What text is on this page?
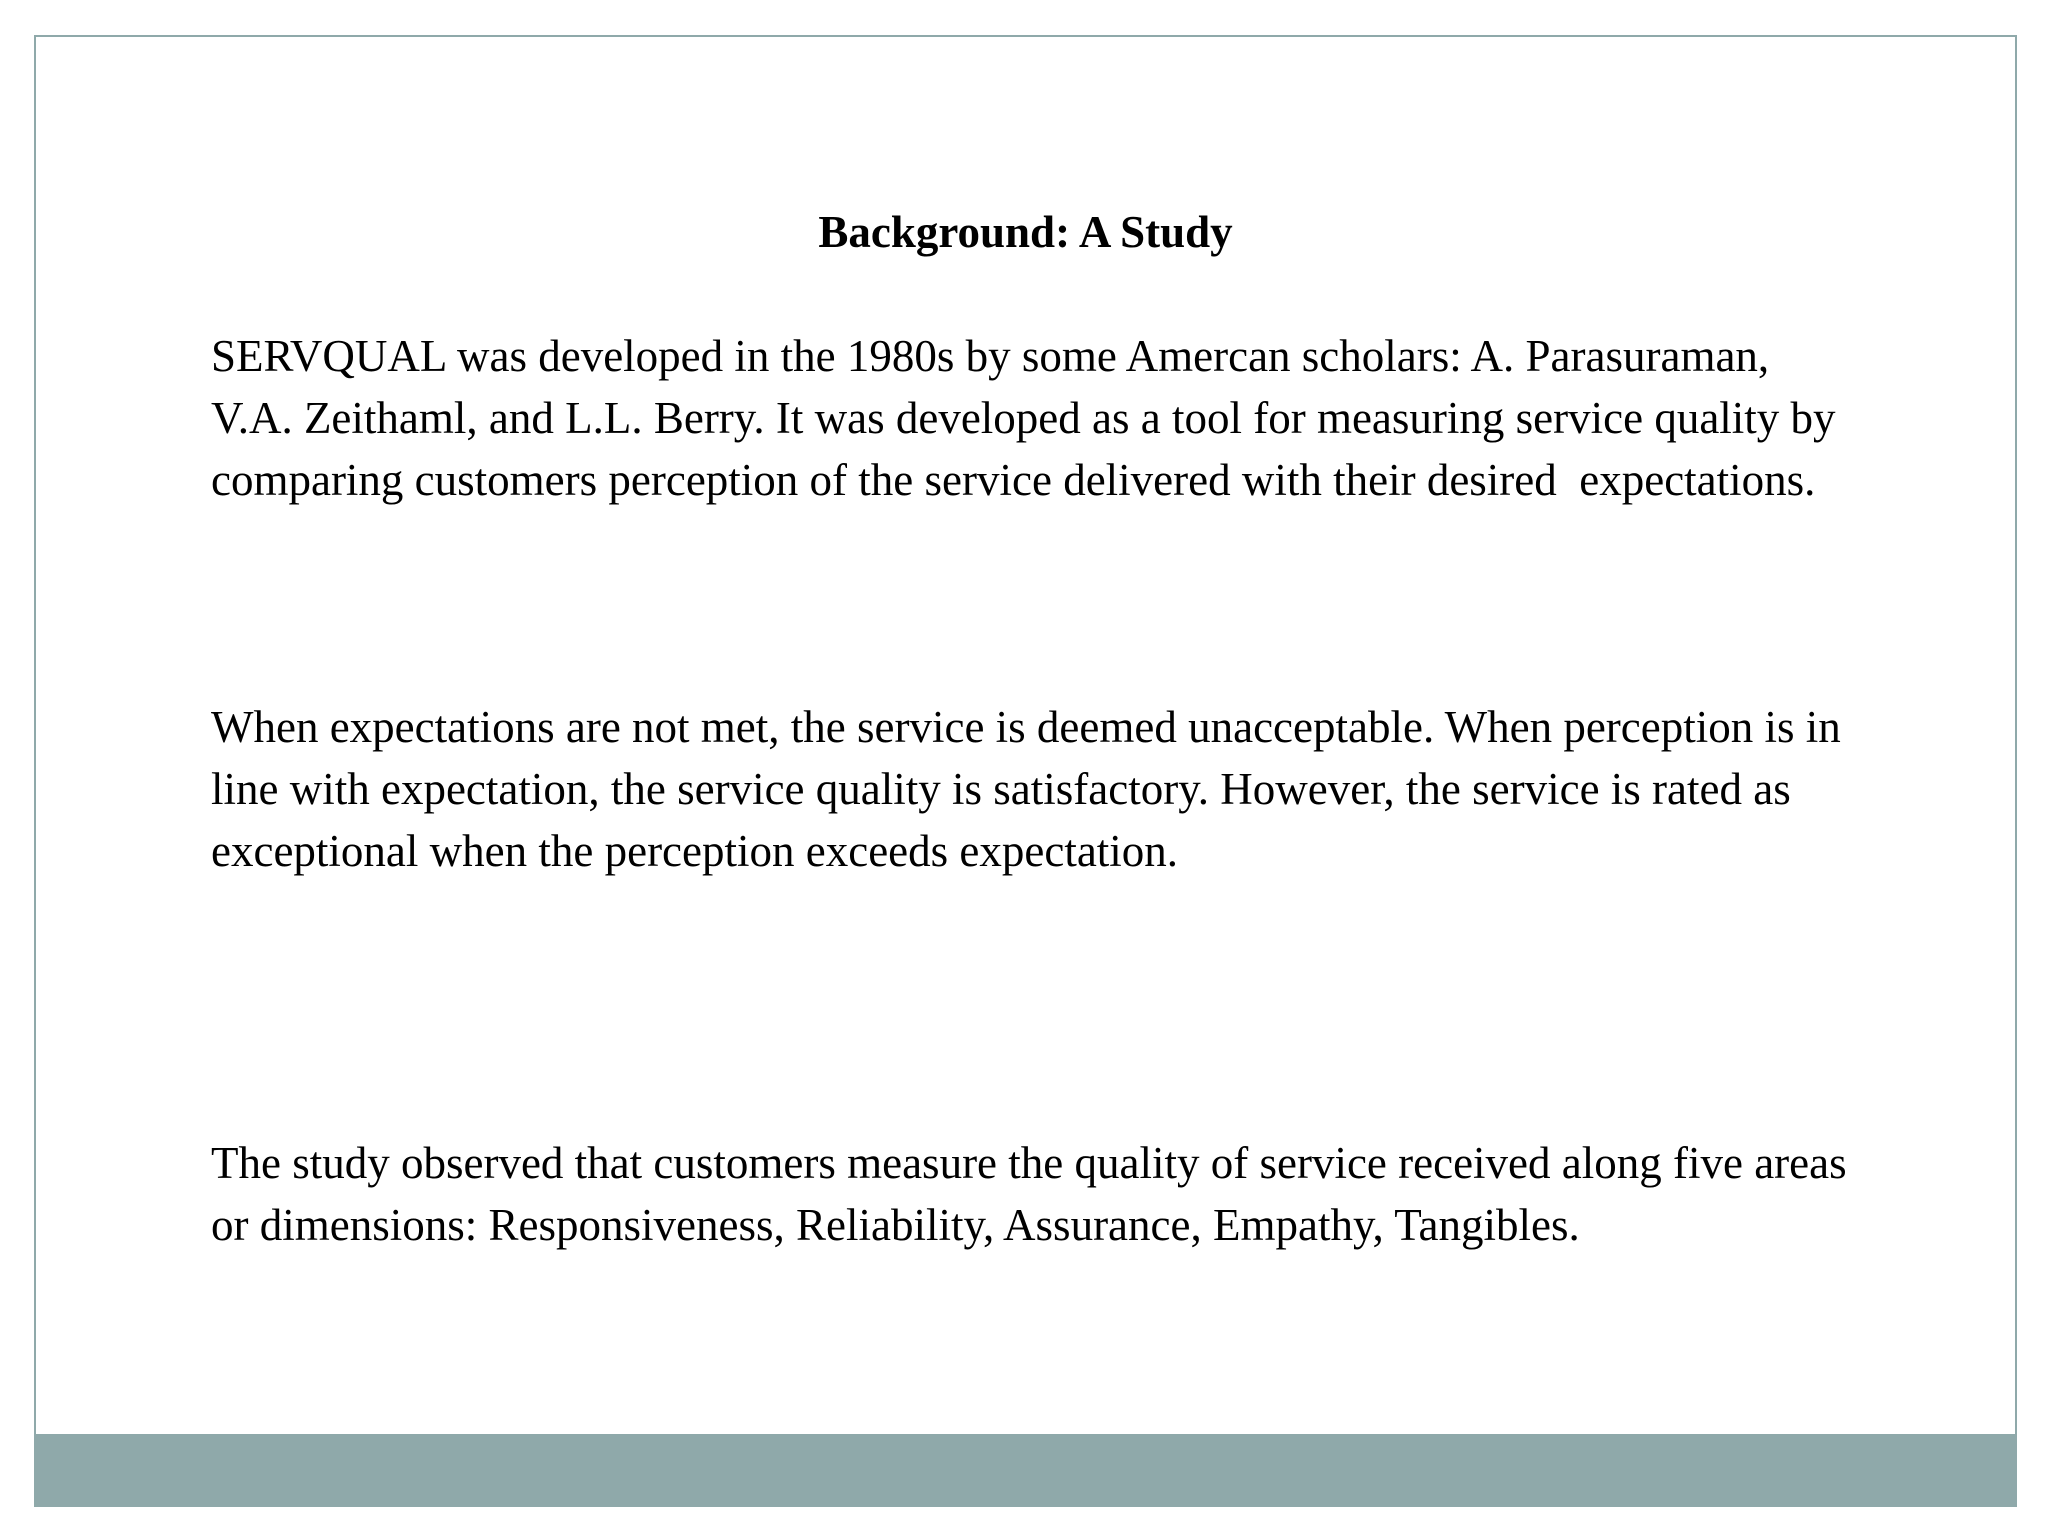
Background: A Study

SERVQUAL was developed in the 1980s by some Amercan scholars: A. Parasuraman, V.A. Zeithaml, and L.L. Berry. It was developed as a tool for measuring service quality by comparing customers perception of the service delivered with their desired  expectations.

When expectations are not met, the service is deemed unacceptable. When perception is in line with expectation, the service quality is satisfactory. However, the service is rated as exceptional when the perception exceeds expectation.

The study observed that customers measure the quality of service received along five areas or dimensions: Responsiveness, Reliability, Assurance, Empathy, Tangibles.
